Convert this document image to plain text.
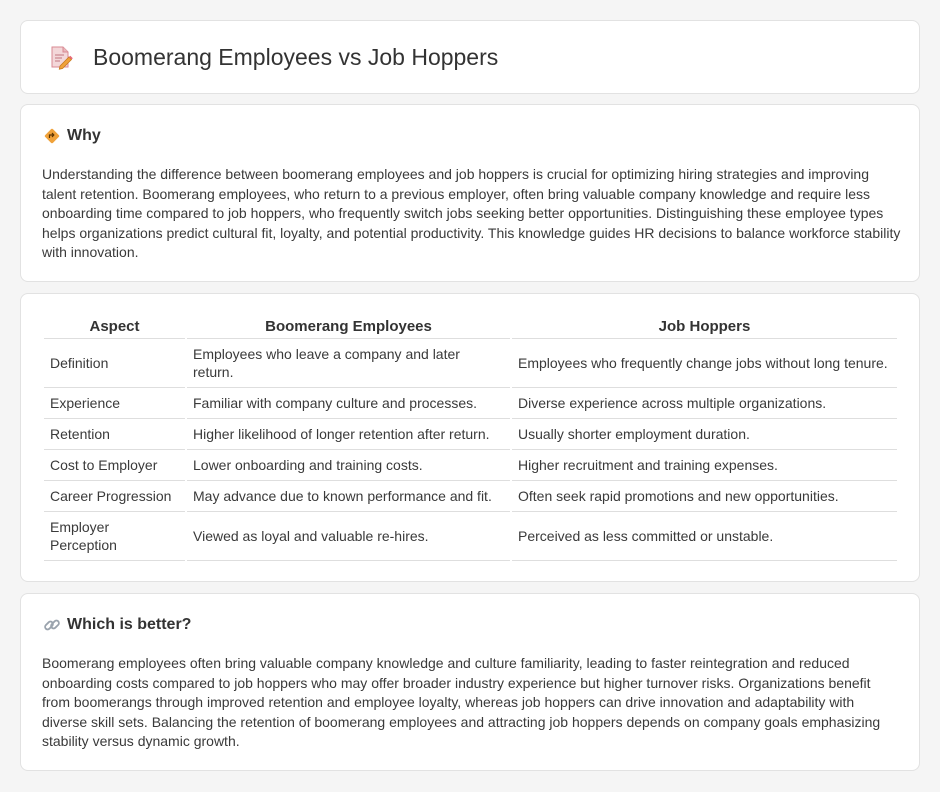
Boomerang Employees vs Job Hoppers
Why

Understanding the difference between boomerang employees and job hoppers is crucial for optimizing hiring strategies and improving talent retention. Boomerang employees, who return to a previous employer, often bring valuable company knowledge and require less onboarding time compared to job hoppers, who frequently switch jobs seeking better opportunities. Distinguishing these employee types helps organizations predict cultural fit, loyalty, and potential productivity. This knowledge guides HR decisions to balance workforce stability with innovation.

Aspect	Boomerang Employees	Job Hoppers
Definition	Employees who leave a company and later return.	Employees who frequently change jobs without long tenure.
Experience	Familiar with company culture and processes.	Diverse experience across multiple organizations.
Retention	Higher likelihood of longer retention after return.	Usually shorter employment duration.
Cost to Employer	Lower onboarding and training costs.	Higher recruitment and training expenses.
Career Progression	May advance due to known performance and fit.	Often seek rapid promotions and new opportunities.
Employer Perception	Viewed as loyal and valuable re-hires.	Perceived as less committed or unstable.
Which is better?

Boomerang employees often bring valuable company knowledge and culture familiarity, leading to faster reintegration and reduced onboarding costs compared to job hoppers who may offer broader industry experience but higher turnover risks. Organizations benefit from boomerangs through improved retention and employee loyalty, whereas job hoppers can drive innovation and adaptability with diverse skill sets. Balancing the retention of boomerang employees and attracting job hoppers depends on company goals emphasizing stability versus dynamic growth.
